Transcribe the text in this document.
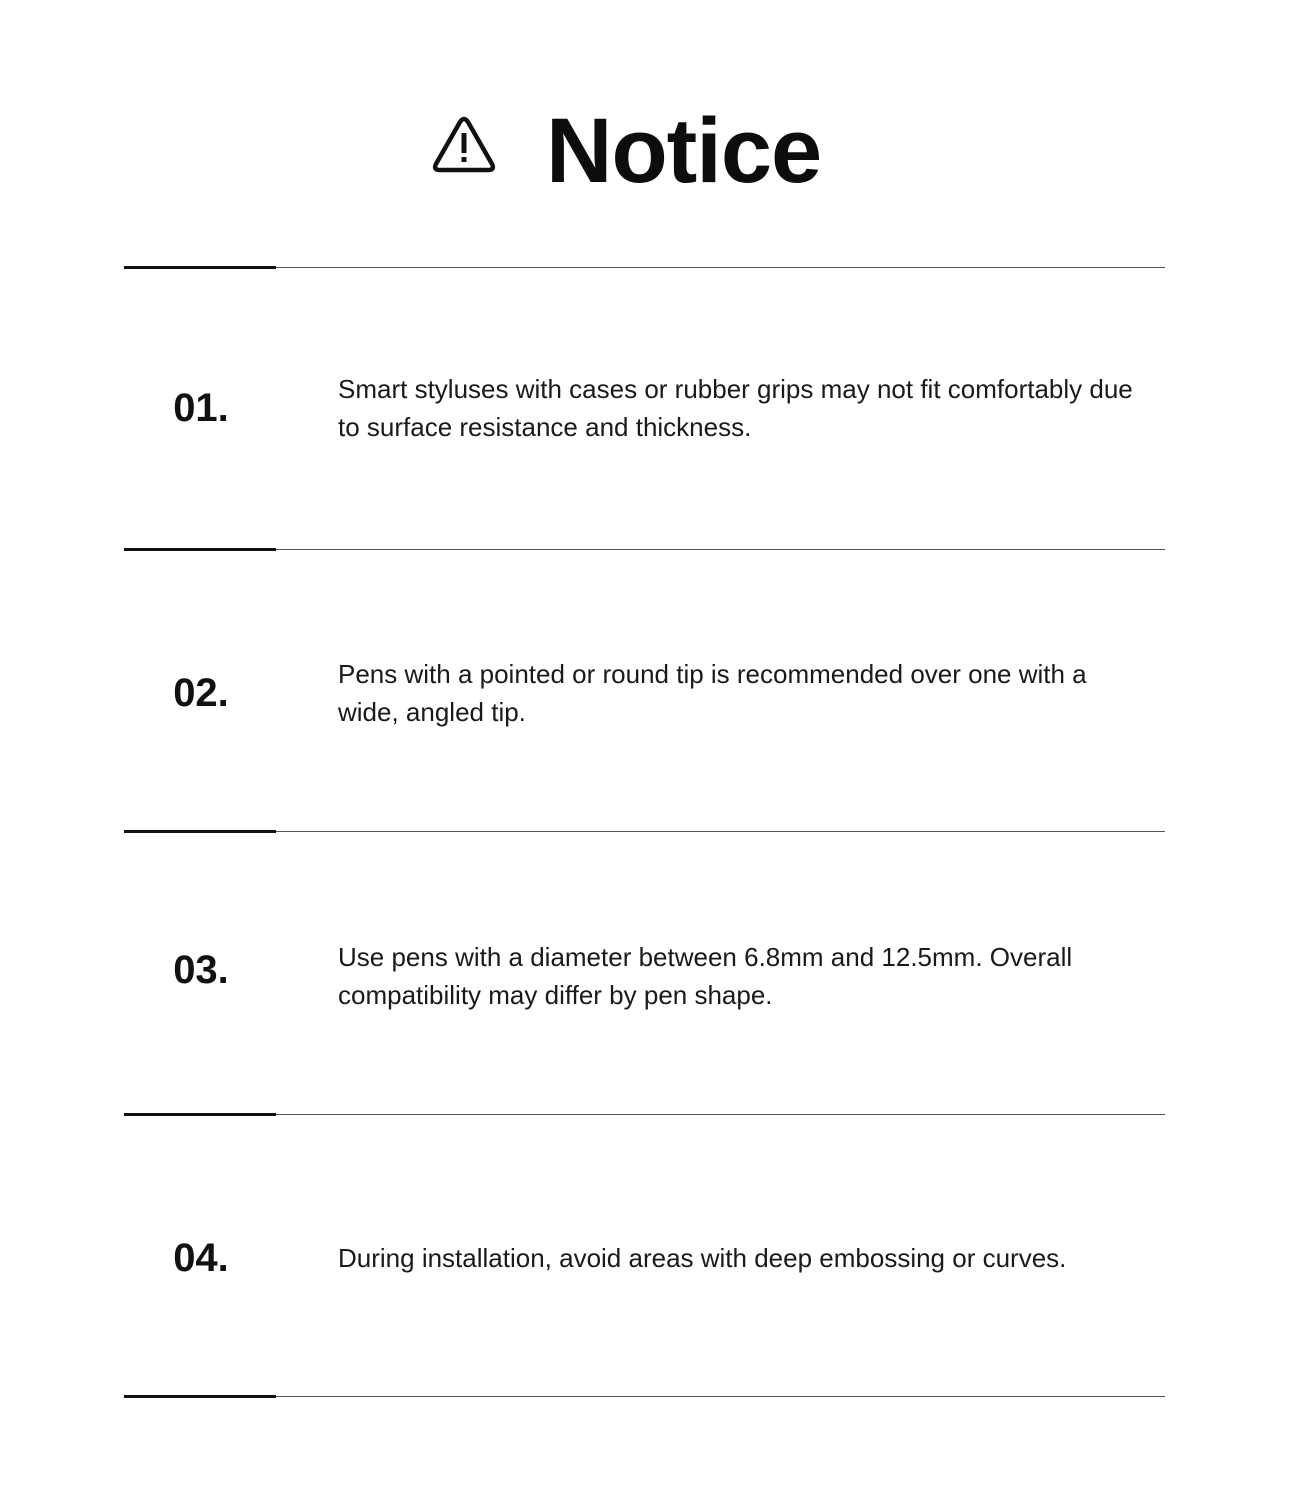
Notice
01.	Smart styluses with cases or rubber grips may not fit comfortably due to surface resistance and thickness.
02.	Pens with a pointed or round tip is recommended over one with a wide, angled tip.
03.	Use pens with a diameter between 6.8mm and 12.5mm. Overall compatibility may differ by pen shape.
04.	During installation, avoid areas with deep embossing or curves.
